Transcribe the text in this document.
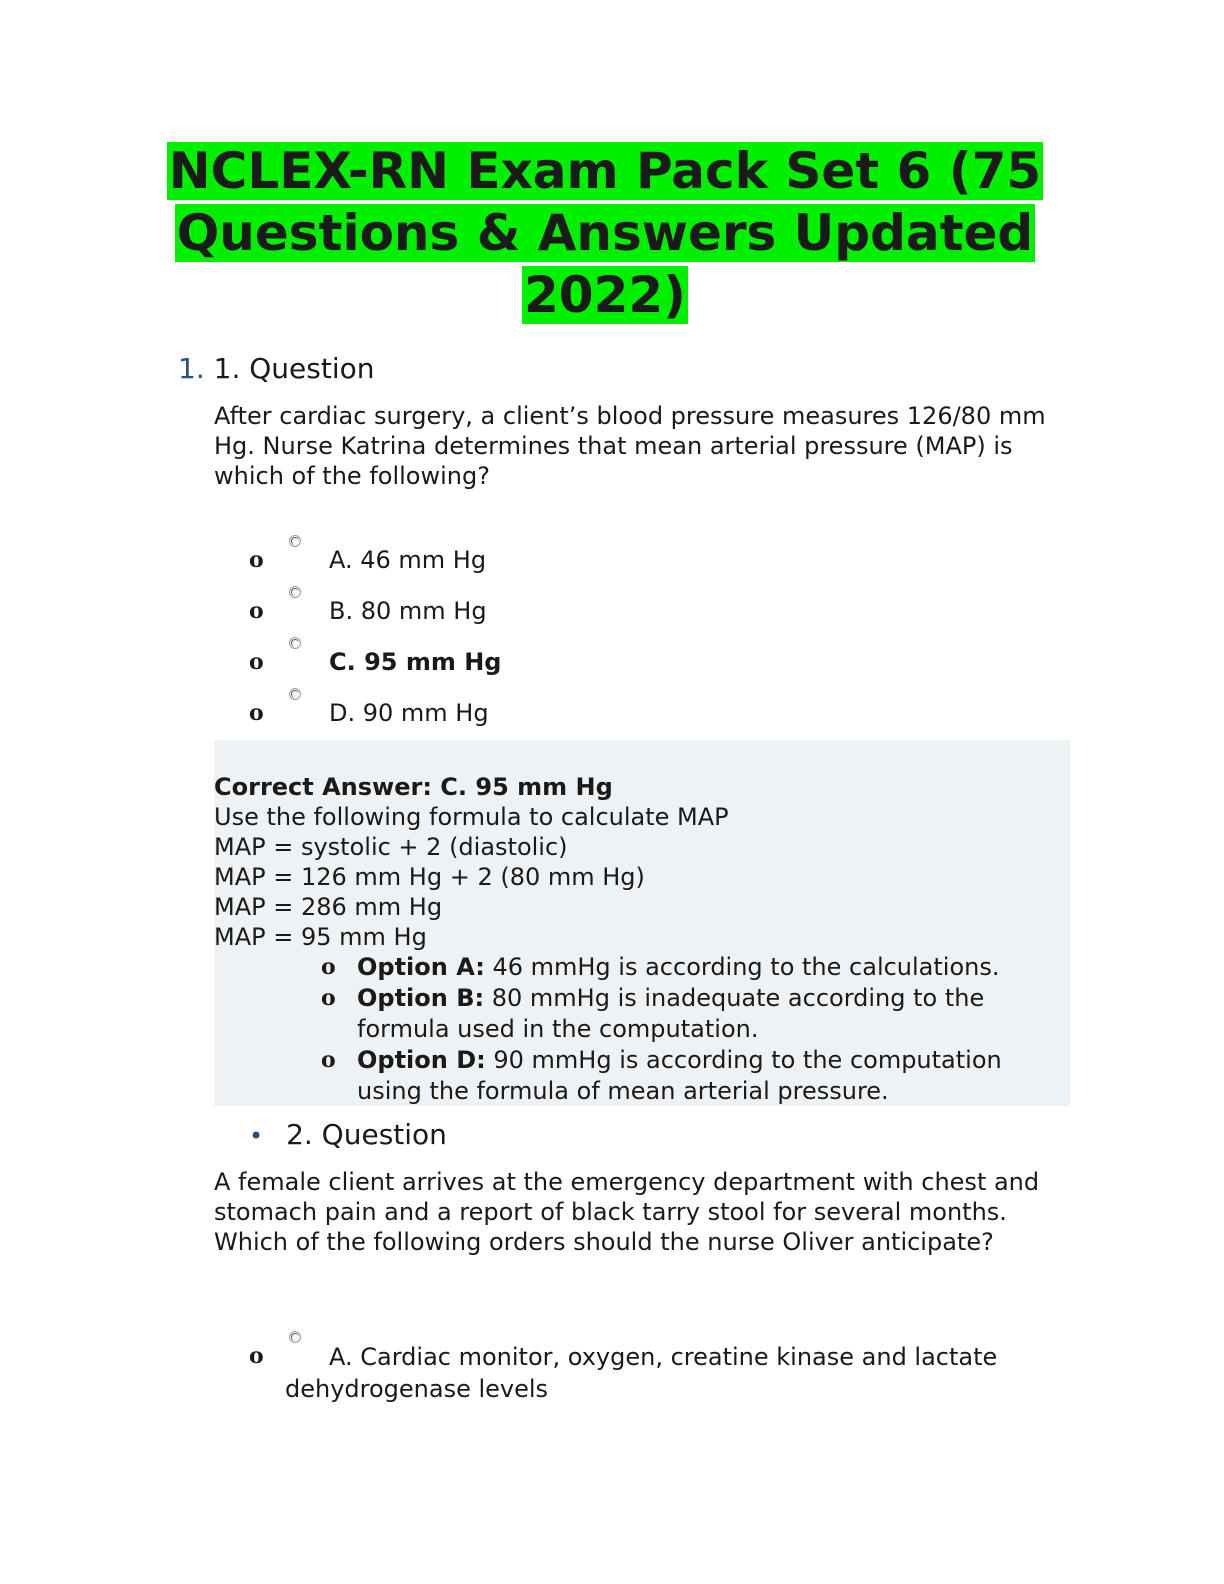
NCLEX-RN Exam Pack Set 6 (75 Questions & Answers Updated 2022)
1. 1. Question
After cardiac surgery, a client’s blood pressure measures 126/80 mm Hg. Nurse Katrina determines that mean arterial pressure (MAP) is which of the following?
o	A. 46 mm Hg
o	B. 80 mm Hg
o	C. 95 mm Hg
o	D. 90 mm Hg
Correct Answer: C. 95 mm Hg
Use the following formula to calculate MAP
MAP = systolic + 2 (diastolic)
MAP = 126 mm Hg + 2 (80 mm Hg)
MAP = 286 mm Hg
MAP = 95 mm Hg
o Option A: 46 mmHg is according to the calculations.
o Option B: 80 mmHg is inadequate according to the formula used in the computation.
o Option D: 90 mmHg is according to the computation using the formula of mean arterial pressure.
• 2. Question
A female client arrives at the emergency department with chest and stomach pain and a report of black tarry stool for several months. Which of the following orders should the nurse Oliver anticipate?
o	A. Cardiac monitor, oxygen, creatine kinase and lactate dehydrogenase levels
